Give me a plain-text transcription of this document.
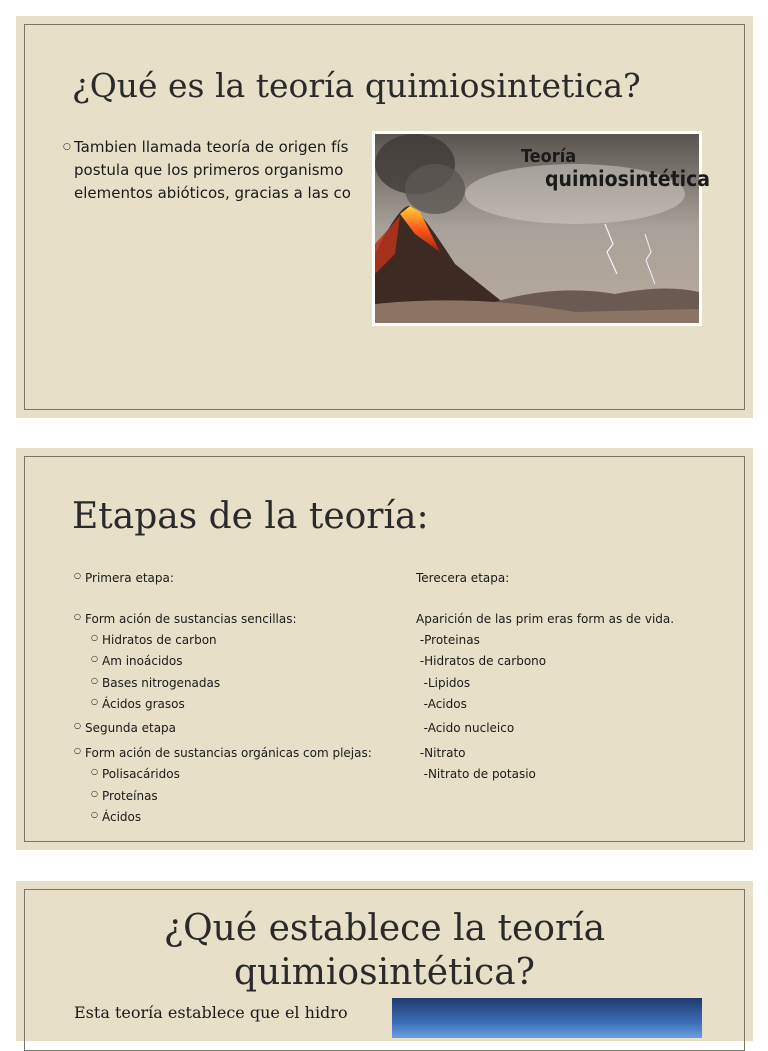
¿Qué es la teoría quimiosintetica?
○ Tambien llamada teoría de origen fís
postula que los primeros organismo
elementos abióticos, gracias a las co
Teoría
quimiosintética
Etapas de la teoría:
○ Primera etapa:
○ Form ación de sustancias sencillas:
○ Hidratos de carbon
○ Am inoácidos
○ Bases nitrogenadas
○ Ácidos grasos
○ Segunda etapa
○ Form ación de sustancias orgánicas com plejas:
○ Polisacáridos
○ Proteínas
○ Ácidos
Terecera etapa:
Aparición de las prim eras form as de vida.
-Proteinas
-Hidratos de carbono
-Lipidos
-Acidos
-Acido nucleico
-Nitrato
-Nitrato de potasio
¿Qué establece la teoría
quimiosintética?
Esta teoría establece que el hidro
